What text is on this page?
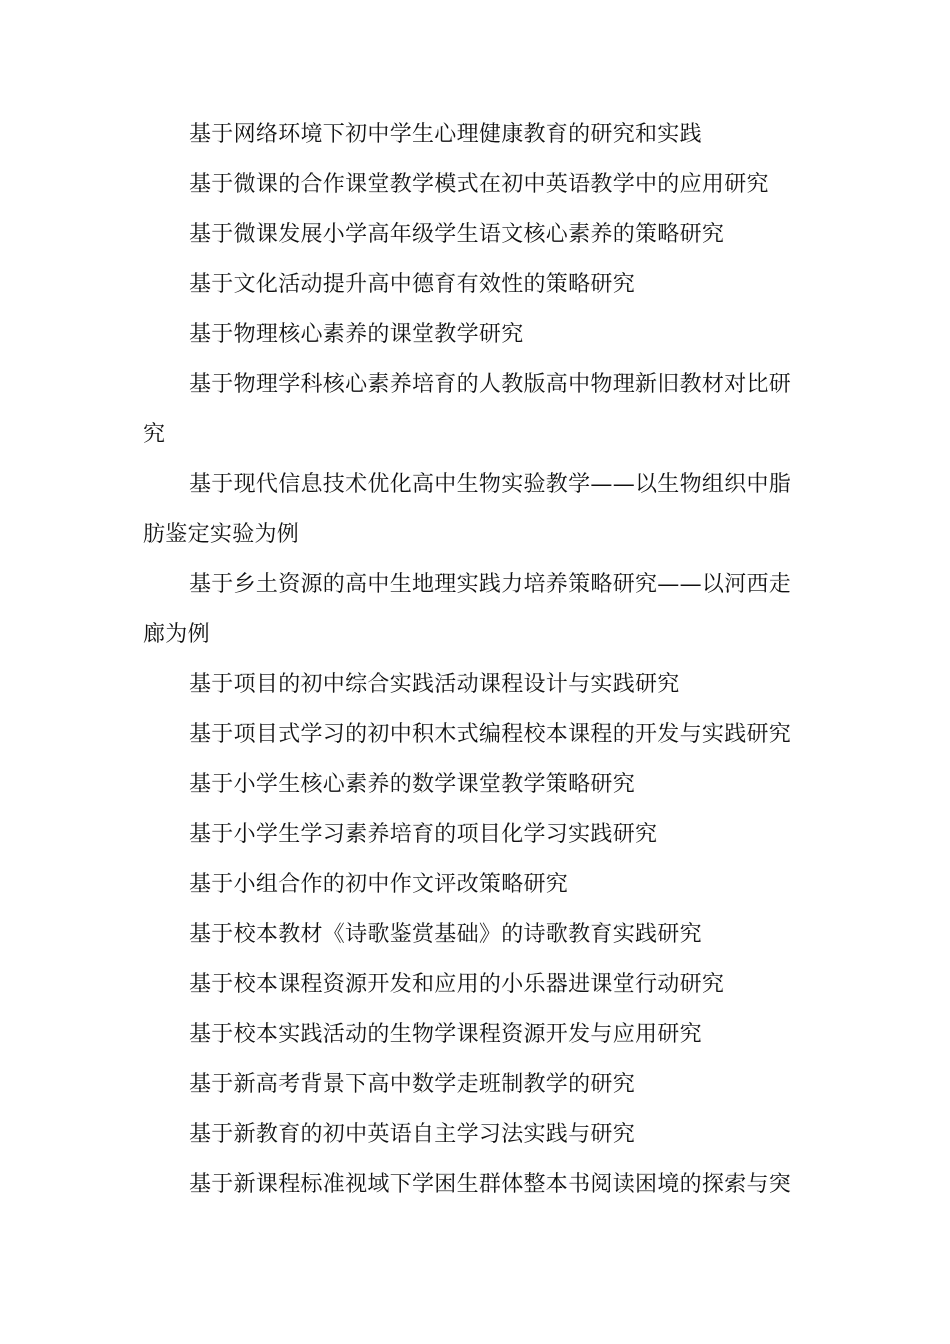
基于网络环境下初中学生心理健康教育的研究和实践
基于微课的合作课堂教学模式在初中英语教学中的应用研究
基于微课发展小学高年级学生语文核心素养的策略研究
基于文化活动提升高中德育有效性的策略研究
基于物理核心素养的课堂教学研究
基于物理学科核心素养培育的人教版高中物理新旧教材对比研究
基于现代信息技术优化高中生物实验教学——以生物组织中脂肪鉴定实验为例
基于乡土资源的高中生地理实践力培养策略研究——以河西走廊为例
基于项目的初中综合实践活动课程设计与实践研究
基于项目式学习的初中积木式编程校本课程的开发与实践研究
基于小学生核心素养的数学课堂教学策略研究
基于小学生学习素养培育的项目化学习实践研究
基于小组合作的初中作文评改策略研究
基于校本教材《诗歌鉴赏基础》的诗歌教育实践研究
基于校本课程资源开发和应用的小乐器进课堂行动研究
基于校本实践活动的生物学课程资源开发与应用研究
基于新高考背景下高中数学走班制教学的研究
基于新教育的初中英语自主学习法实践与研究
基于新课程标准视域下学困生群体整本书阅读困境的探索与突
